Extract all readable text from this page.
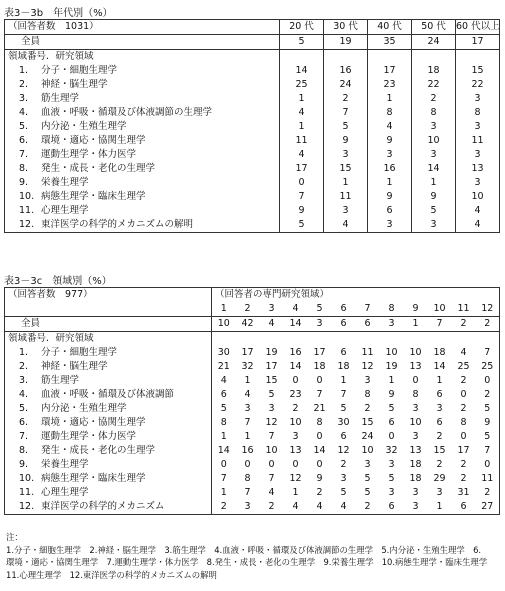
表3－3b　年代別（%）
（回答者数　1031）	20 代	30 代	40 代	50 代	60 代以上
全員	5	19	35	24	17
領域番号．研究領域					
1. 分子・細胞生理学	14	16	17	18	15
2. 神経・脳生理学	25	24	23	22	22
3. 筋生理学	1	2	1	2	3
4. 血液・呼吸・循環及び体液調節の生理学	4	7	8	8	8
5. 内分泌・生殖生理学	1	5	4	3	3
6. 環境・適応・協関生理学	11	9	9	10	11
7. 運動生理学・体力医学	4	3	3	3	3
8. 発生・成長・老化の生理学	17	15	16	14	13
9. 栄養生理学	0	1	1	1	3
10. 病態生理学・臨床生理学	7	11	9	9	10
11. 心理生理学	9	3	6	5	4
12. 東洋医学の科学的メカニズムの解明	5	4	3	3	4
表3－3c　領域別（%）
（回答者数　977）	（回答者の専門研究領域）											
	1	2	3	4	5	6	7	8	9	10	11	12
全員	10	42	4	14	3	6	6	3	1	7	2	2
領域番号．研究領域												
1. 分子・細胞生理学	30	17	19	16	17	6	11	10	10	18	4	7
2. 神経・脳生理学	21	32	17	14	18	18	12	19	13	14	25	25
3. 筋生理学	4	1	15	0	0	1	3	1	0	1	2	0
4. 血液・呼吸・循環及び体液調節	6	4	5	23	7	7	8	9	8	6	0	2
5. 内分泌・生殖生理学	5	3	3	2	21	5	2	5	3	3	2	5
6. 環境・適応・協関生理学	8	7	12	10	8	30	15	6	10	6	8	9
7. 運動生理学・体力医学	1	1	7	3	0	6	24	0	3	2	0	5
8. 発生・成長・老化の生理学	14	16	10	13	14	12	10	32	13	15	17	7
9. 栄養生理学	0	0	0	0	0	2	3	3	18	2	2	0
10. 病態生理学・臨床生理学	7	8	7	12	9	3	5	5	18	29	2	11
11. 心理生理学	1	7	4	1	2	5	5	3	3	3	31	2
12. 東洋医学の科学的メカニズム	2	3	2	4	4	4	2	6	3	1	6	27
注：
1.分子・細胞生理学　2.神経・脳生理学　3.筋生理学　4.血液・呼吸・循環及び体液調節の生理学　5.内分泌・生殖生理学　6.
環境・適応・協関生理学　7.運動生理学・体力医学　8.発生・成長・老化の生理学　9.栄養生理学　10.病態生理学・臨床生理学
11.心理生理学　12.東洋医学の科学的メカニズムの解明
